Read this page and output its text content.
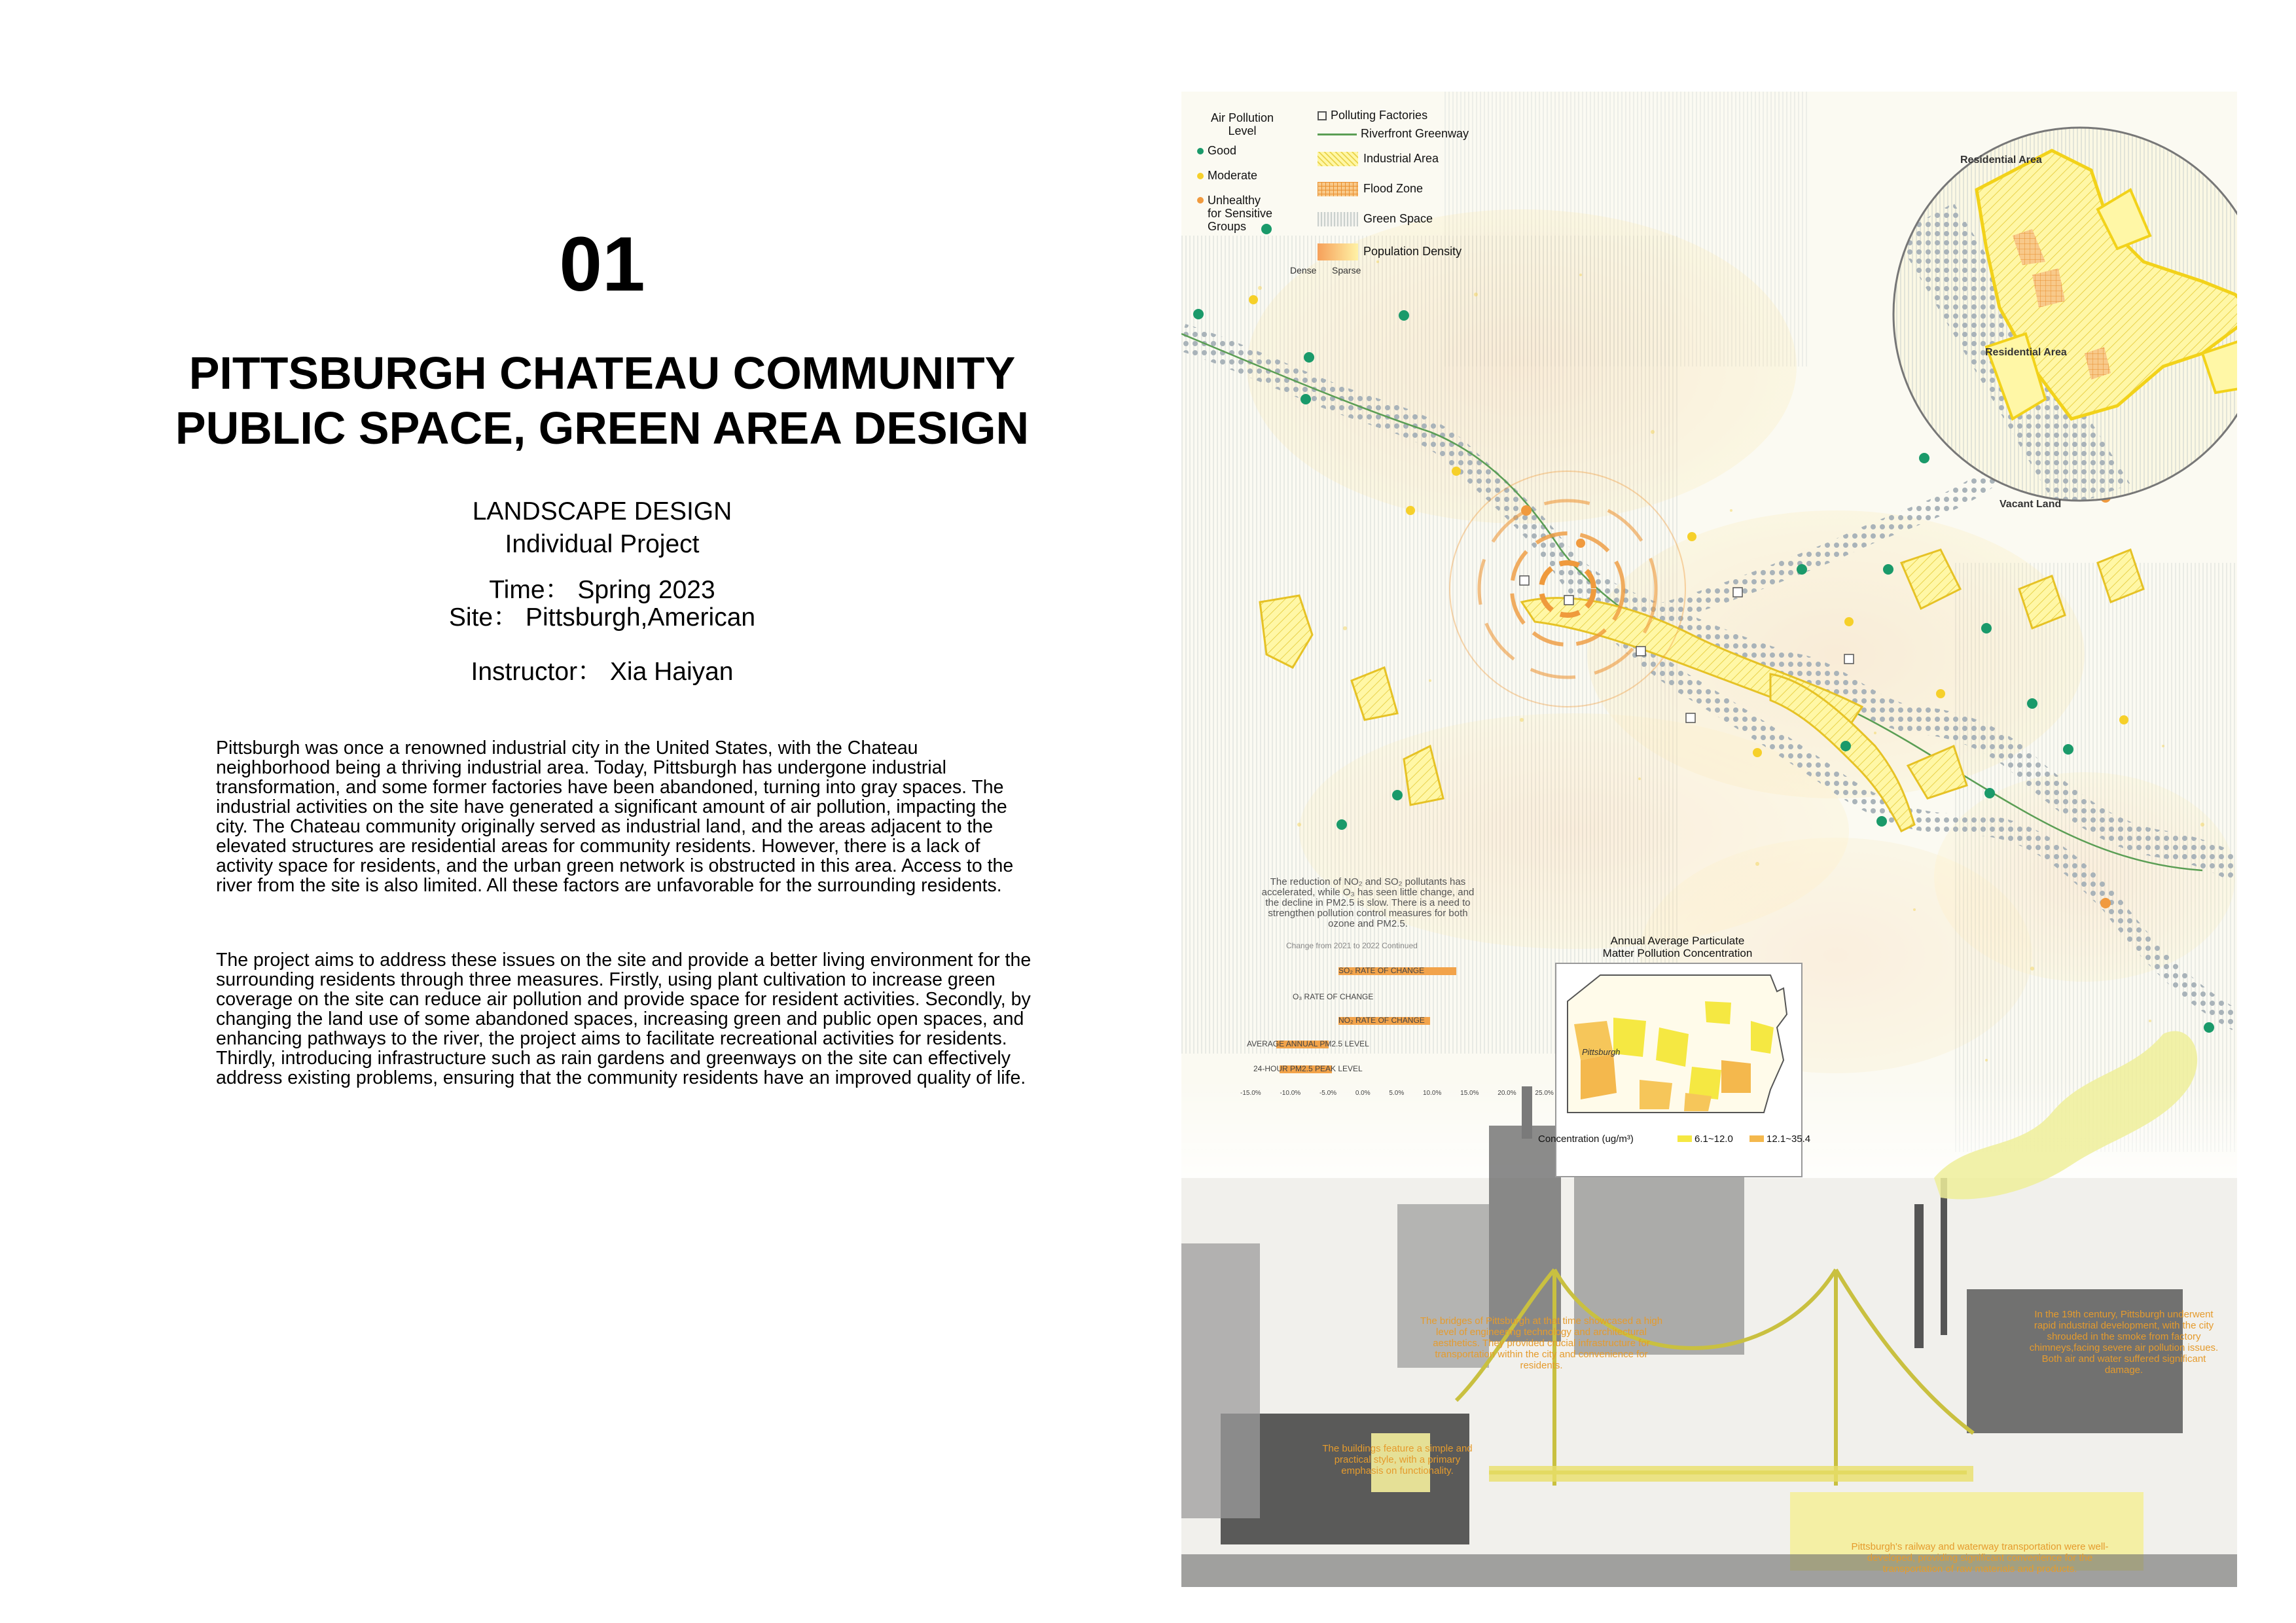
01
PITTSBURGH CHATEAU COMMUNITY
PUBLIC SPACE, GREEN AREA DESIGN
LANDSCAPE DESIGN
Individual Project
Time： Spring 2023
Site： Pittsburgh,American
Instructor： Xia Haiyan
Pittsburgh was once a renowned industrial city in the United States, with the Chateau neighborhood being a thriving industrial area. Today, Pittsburgh has undergone industrial transformation, and some former factories have been abandoned, turning into gray spaces. The industrial activities on the site have generated a significant amount of air pollution, impacting the city. The Chateau community originally served as industrial land, and the areas adjacent to the elevated structures are residential areas for community residents. However, there is a lack of activity space for residents, and the urban green network is obstructed in this area. Access to the river from the site is also limited. All these factors are unfavorable for the surrounding residents.
The project aims to address these issues on the site and provide a better living environment for the surrounding residents through three measures. Firstly, using plant cultivation to increase green coverage on the site can reduce air pollution and provide space for resident activities. Secondly, by changing the land use of some abandoned spaces, increasing green and public open spaces, and enhancing pathways to the river, the project aims to facilitate recreational activities for residents. Thirdly, introducing infrastructure such as rain gardens and greenways on the site can effectively address existing problems, ensuring that the community residents have an improved quality of life.
Air Pollution
Level
Good
Moderate
Unhealthy
for Sensitive
Groups
Polluting Factories
Riverfront Greenway
Industrial Area
Flood Zone
Green Space
Population Density
Dense Sparse
Residential Area
Residential Area
Vacant Land
The reduction of NO₂ and SO₂ pollutants has accelerated, while O₃ has seen little change, and the decline in PM2.5 is slow. There is a need to strengthen pollution control measures for both ozone and PM2.5.
Change from 2021 to 2022 Continued
SO₂ RATE OF CHANGE
O₃ RATE OF CHANGE
NO₂ RATE OF CHANGE
AVERAGE ANNUAL PM2.5 LEVEL
24-HOUR PM2.5 PEAK LEVEL
-15.0%	-10.0%	-5.0%	0.0%	5.0%	10.0%	15.0%	20.0%	25.0%
Annual Average Particulate
Matter Pollution Concentration
Pittsburgh
Concentration (ug/m³)	6.1~12.0	12.1~35.4
The bridges of Pittsburgh at that time showcased a high level of engineering technology and architectural aesthetics. They provided crucial infrastructure for transportation within the city and convenience for residents.
In the 19th century, Pittsburgh underwent rapid industrial development, with the city shrouded in the smoke from factory chimneys,facing severe air pollution issues. Both air and water suffered significant damage.
The buildings feature a simple and practical style, with a primary emphasis on functionality.
Pittsburgh's railway and waterway transportation were well-developed, providing significant convenience for the transportation of raw materials and products.
